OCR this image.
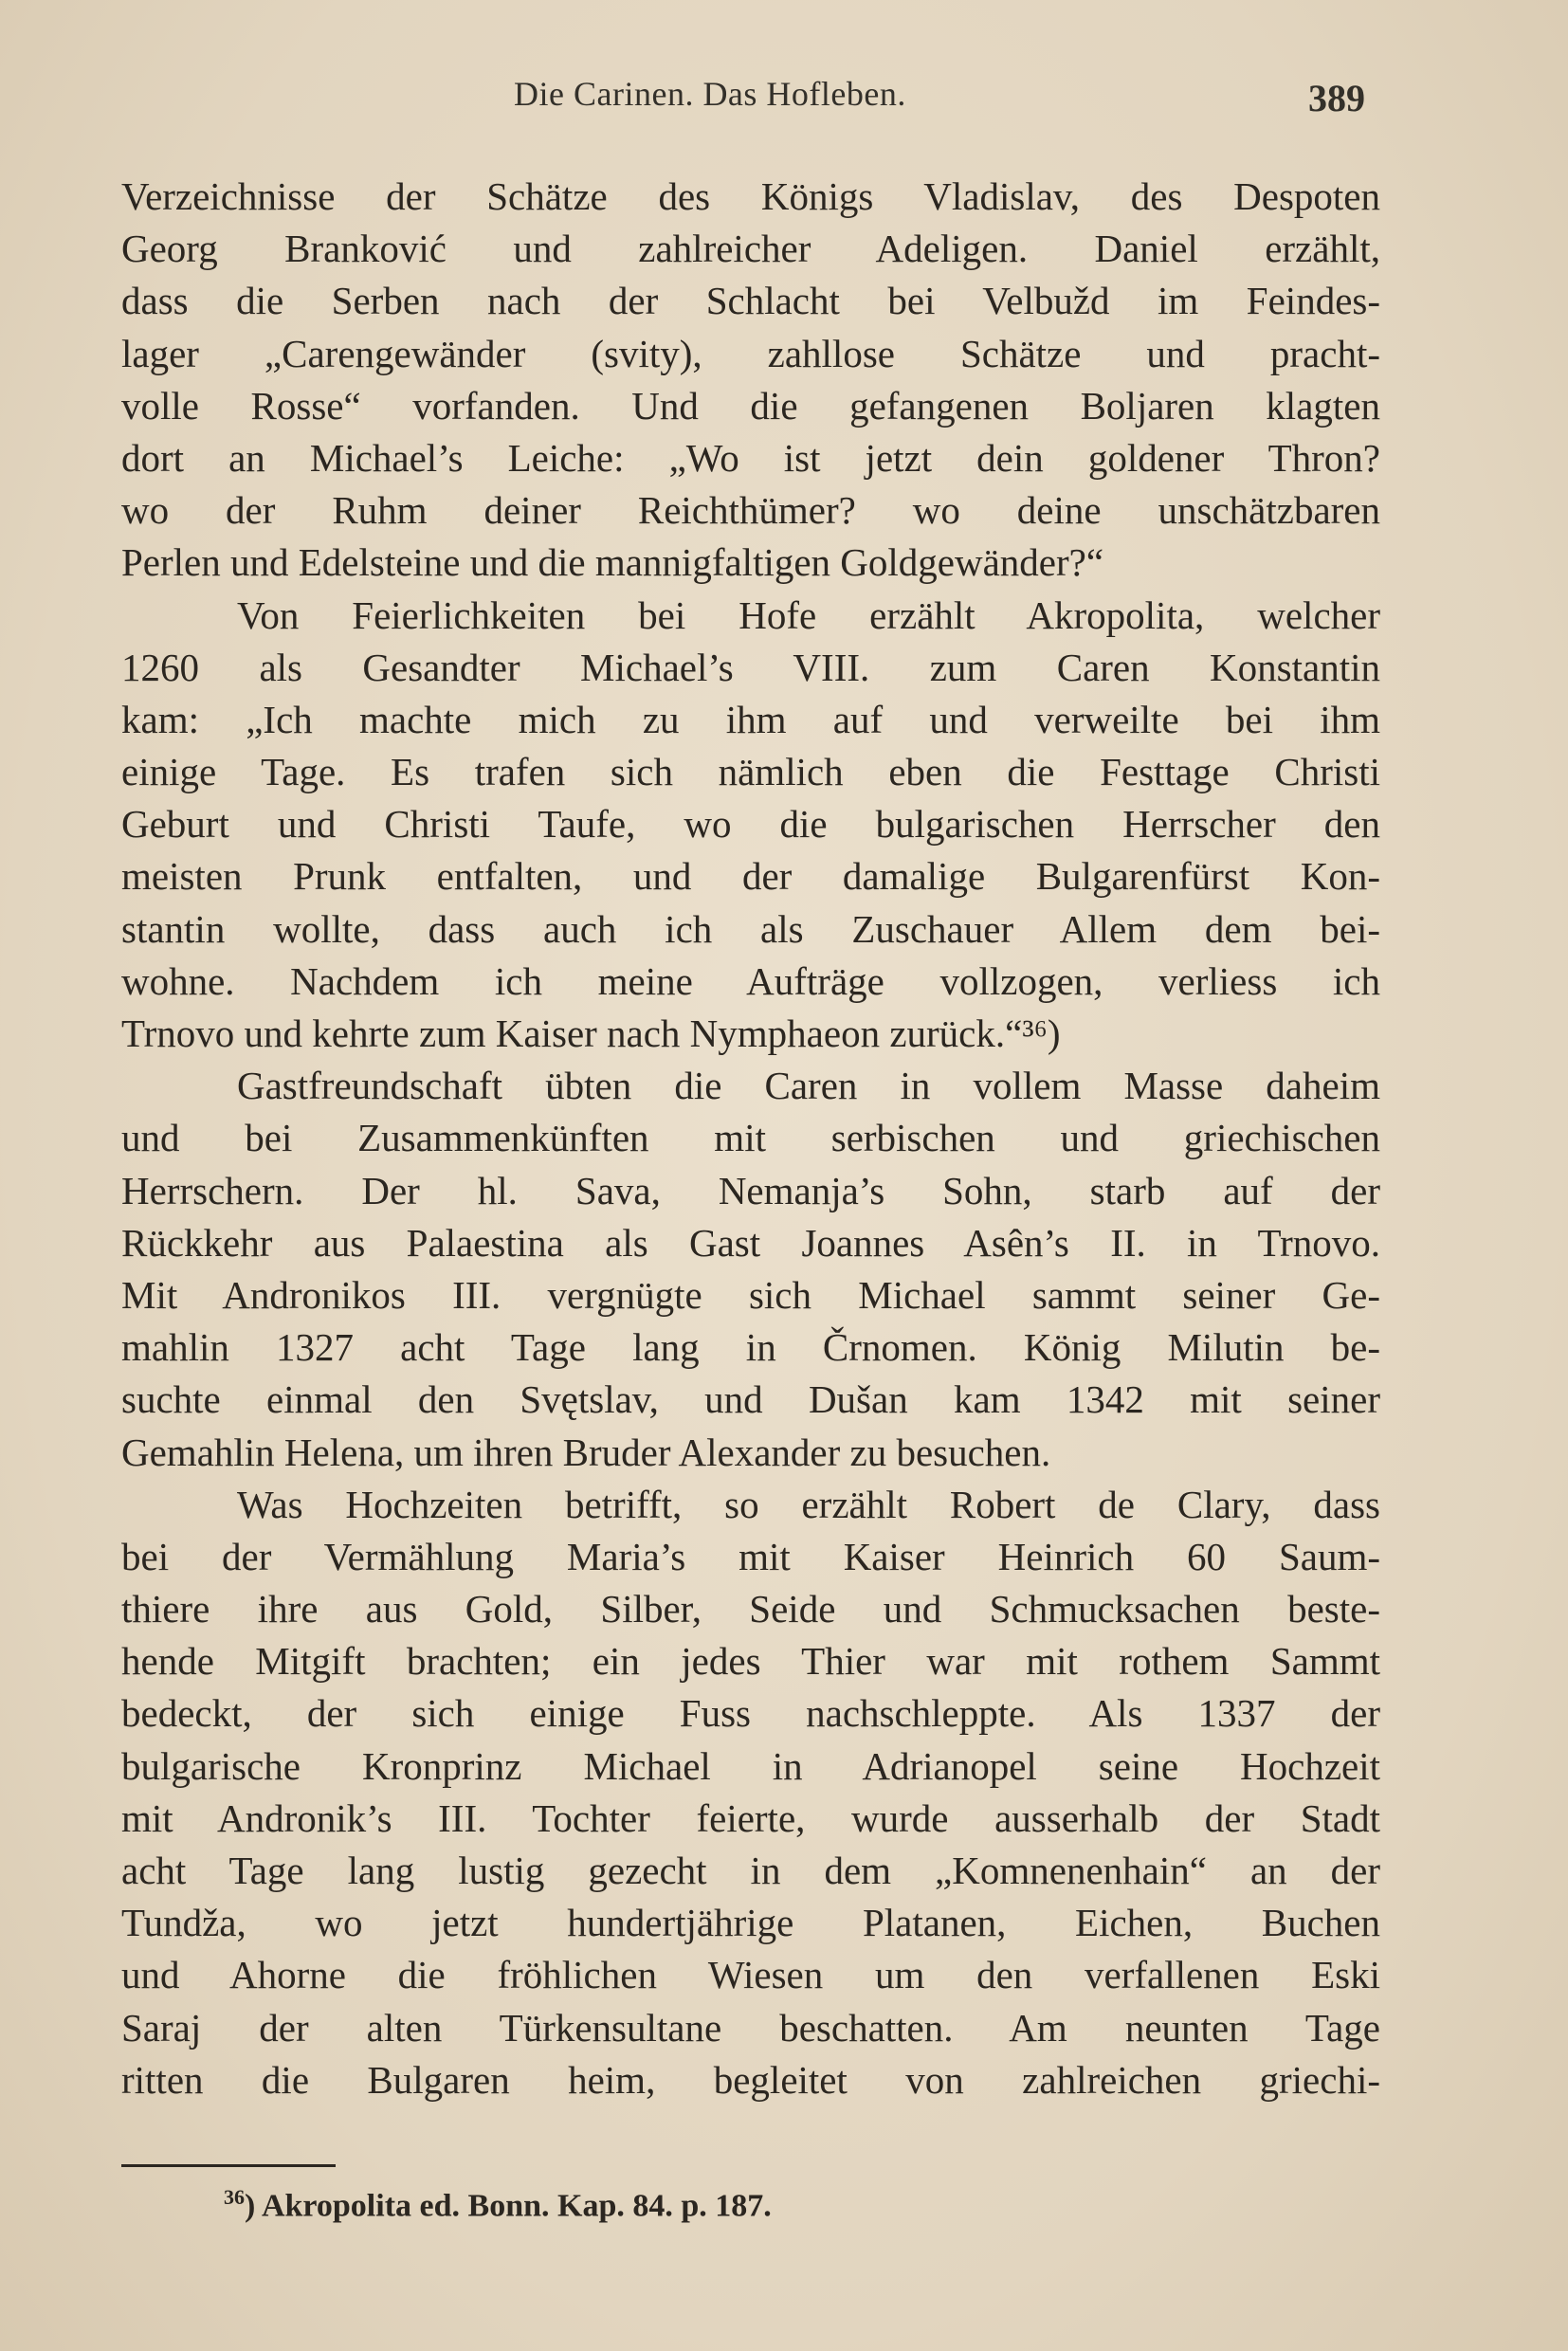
Die Carinen. Das Hofleben.	389
Verzeichnisse der Schätze des Königs Vladislav, des Despoten
Georg Branković und zahlreicher Adeligen. Daniel erzählt,
dass die Serben nach der Schlacht bei Velbužd im Feindes-
lager „Carengewänder (svity), zahllose Schätze und pracht-
volle Rosse“ vorfanden. Und die gefangenen Boljaren klagten
dort an Michael’s Leiche: „Wo ist jetzt dein goldener Thron?
wo der Ruhm deiner Reichthümer? wo deine unschätzbaren
Perlen und Edelsteine und die mannigfaltigen Goldgewänder?“
Von Feierlichkeiten bei Hofe erzählt Akropolita, welcher
1260 als Gesandter Michael’s VIII. zum Caren Konstantin
kam: „Ich machte mich zu ihm auf und verweilte bei ihm
einige Tage. Es trafen sich nämlich eben die Festtage Christi
Geburt und Christi Taufe, wo die bulgarischen Herrscher den
meisten Prunk entfalten, und der damalige Bulgarenfürst Kon-
stantin wollte, dass auch ich als Zuschauer Allem dem bei-
wohne. Nachdem ich meine Aufträge vollzogen, verliess ich
Trnovo und kehrte zum Kaiser nach Nymphaeon zurück.“³⁶)
Gastfreundschaft übten die Caren in vollem Masse daheim
und bei Zusammenkünften mit serbischen und griechischen
Herrschern. Der hl. Sava, Nemanja’s Sohn, starb auf der
Rückkehr aus Palaestina als Gast Joannes Asên’s II. in Trnovo.
Mit Andronikos III. vergnügte sich Michael sammt seiner Ge-
mahlin 1327 acht Tage lang in Črnomen. König Milutin be-
suchte einmal den Svętslav, und Dušan kam 1342 mit seiner
Gemahlin Helena, um ihren Bruder Alexander zu besuchen.
Was Hochzeiten betrifft, so erzählt Robert de Clary, dass
bei der Vermählung Maria’s mit Kaiser Heinrich 60 Saum-
thiere ihre aus Gold, Silber, Seide und Schmucksachen beste-
hende Mitgift brachten; ein jedes Thier war mit rothem Sammt
bedeckt, der sich einige Fuss nachschleppte. Als 1337 der
bulgarische Kronprinz Michael in Adrianopel seine Hochzeit
mit Andronik’s III. Tochter feierte, wurde ausserhalb der Stadt
acht Tage lang lustig gezecht in dem „Komnenenhain“ an der
Tundža, wo jetzt hundertjährige Platanen, Eichen, Buchen
und Ahorne die fröhlichen Wiesen um den verfallenen Eski
Saraj der alten Türkensultane beschatten. Am neunten Tage
ritten die Bulgaren heim, begleitet von zahlreichen griechi-
$^{36}$) Akropolita ed. Bonn. Kap. 84. p. 187.
